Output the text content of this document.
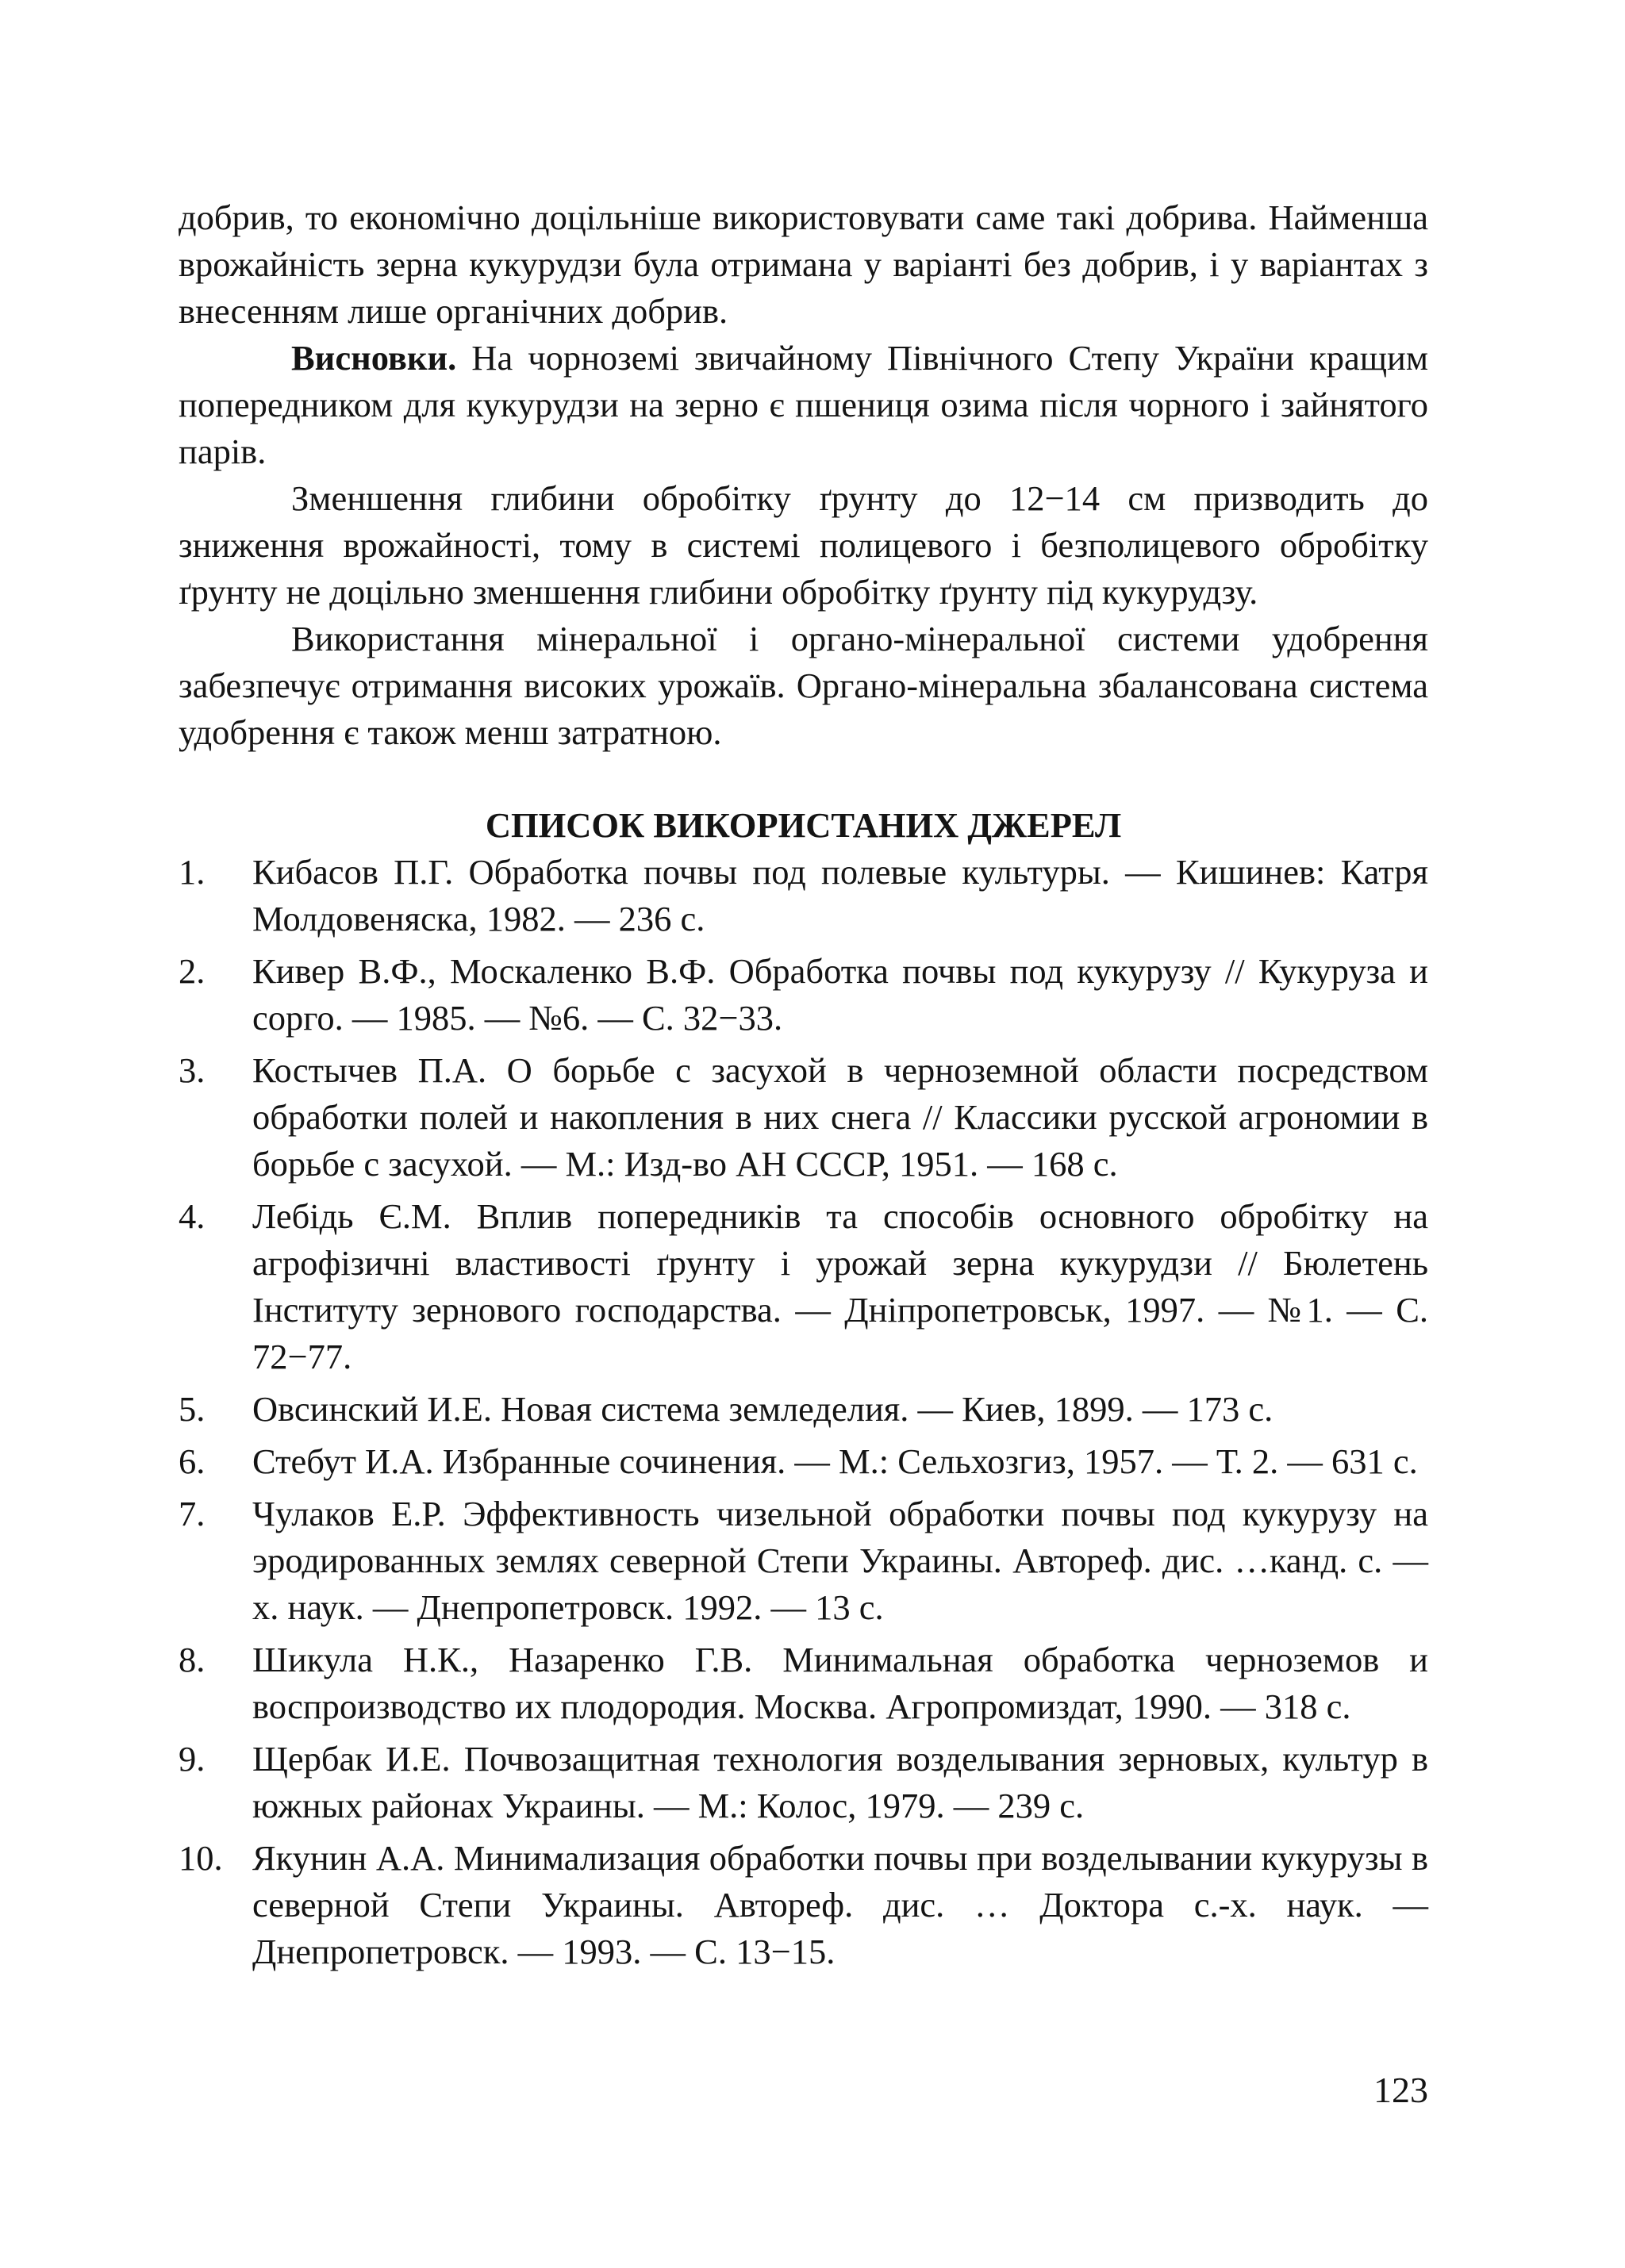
добрив, то економічно доцільніше використовувати саме такі добрива. Найменша врожайність зерна кукурудзи була отримана у варіанті без добрив, і у варіантах з внесенням лише органічних добрив.

Висновки. На чорноземі звичайному Північного Степу України кращим попередником для кукурудзи на зерно є пшениця озима після чорного і зайнятого парів.

Зменшення глибини обробітку ґрунту до 12−14 см призводить до зниження врожайності, тому в системі полицевого і безполицевого обробітку ґрунту не доцільно зменшення глибини обробітку ґрунту під кукурудзу.

Використання мінеральної і органо-мінеральної системи удобрення забезпечує отримання високих урожаїв. Органо-мінеральна збалансована система удобрення є також менш затратною.

СПИСОК ВИКОРИСТАНИХ ДЖЕРЕЛ
1.	Кибасов П.Г. Обработка почвы под полевые культуры. — Кишинев: Катря Молдовеняска, 1982. — 236 с.
2.	Кивер В.Ф., Москаленко В.Ф. Обработка почвы под кукурузу // Кукуруза и сорго. — 1985. — №6. — С. 32−33.
3.	Костычев П.А. О борьбе с засухой в черноземной области посредством обработки полей и накопления в них снега // Классики русской агрономии в борьбе с засухой. — М.: Изд-во АН СССР, 1951. — 168 с.
4.	Лебідь Є.М. Вплив попередників та способів основного обробітку на агрофізичні властивості ґрунту і урожай зерна кукурудзи // Бюлетень Інституту зернового господарства. — Дніпропетровськ, 1997. — №1. — С. 72−77.
5.	Овсинский И.Е. Новая система земледелия. — Киев, 1899. — 173 с.
6.	Стебут И.А. Избранные сочинения. — М.: Сельхозгиз, 1957. — Т. 2. — 631 с.
7.	Чулаков Е.Р. Эффективность чизельной обработки почвы под кукурузу на эродированных землях северной Степи Украины. Автореф. дис. …канд. с. — х. наук. — Днепропетровск. 1992. — 13 с.
8.	Шикула Н.К., Назаренко Г.В. Минимальная обработка черноземов и воспроизводство их плодородия. Москва. Агропромиздат, 1990. — 318 с.
9.	Щербак И.Е. Почвозащитная технология возделывания зерновых, культур в южных районах Украины. — М.: Колос, 1979. — 239 с.
10. Якунин А.А. Минимализация обработки почвы при возделывании кукурузы в северной Степи Украины. Автореф. дис. … Доктора с.-х. наук. — Днепропетровск. — 1993. — С. 13−15.
123
